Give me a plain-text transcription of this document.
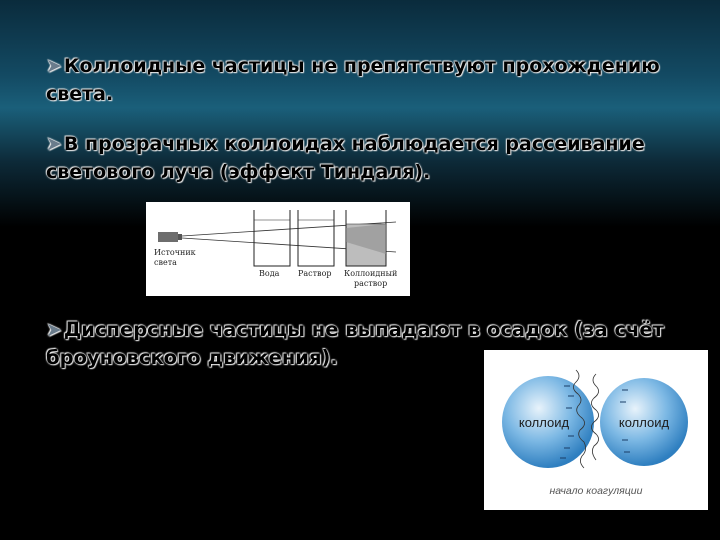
➤ Коллоидные частицы не препятствуют прохождению света.
➤ В прозрачных коллоидах наблюдается рассеивание светового луча (эффект Тиндаля).
Источник
света
Вода Раствор Коллоидный
раствор
➤ Дисперсные частицы не выпадают в осадок (за счёт броуновского движения).
коллоид	коллоид
начало коагуляции
